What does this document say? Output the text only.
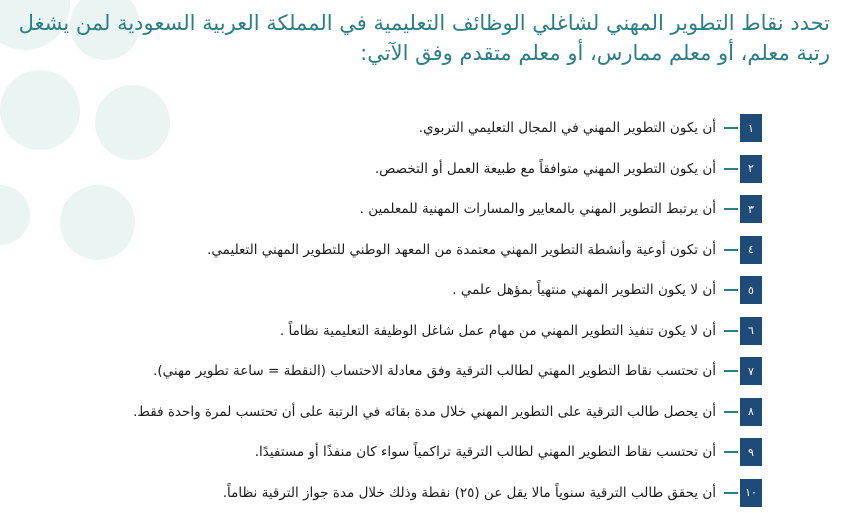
تحدد نقاط التطوير المهني لشاغلي الوظائف التعليمية في المملكة العربية السعودية لمن يشغل
رتبة معلم، أو معلم ممارس، أو معلم متقدم وفق الآتي:
١
أن يكون التطوير المهني في المجال التعليمي التربوي.
٢
أن يكون التطوير المهني متوافقاً مع طبيعة العمل أو التخصص.
٣
أن يرتبط التطوير المهني بالمعايير والمسارات المهنية للمعلمين .
٤
أن تكون أوعية وأنشطة التطوير المهني معتمدة من المعهد الوطني للتطوير المهني التعليمي.
٥
أن لا يكون التطوير المهني منتهياً بمؤهل علمي .
٦
أن لا يكون تنفيذ التطوير المهني من مهام عمل شاغل الوظيفة التعليمية نظاماً .
٧
أن تحتسب نقاط التطوير المهني لطالب الترقية وفق معادلة الاحتساب (النقطة = ساعة تطوير مهني).
٨
أن يحصل طالب الترقية على التطوير المهني خلال مدة بقائه في الرتبة على أن تحتسب لمرة واحدة فقط.
٩
أن تحتسب نقاط التطوير المهني لطالب الترقية تراكمياً سواء كان منفذًا أو مستفيدًا.
١٠
أن يحقق طالب الترقية سنوياً مالا يقل عن (٢٥) نقطة وذلك خلال مدة جواز الترقية نظاماً.
